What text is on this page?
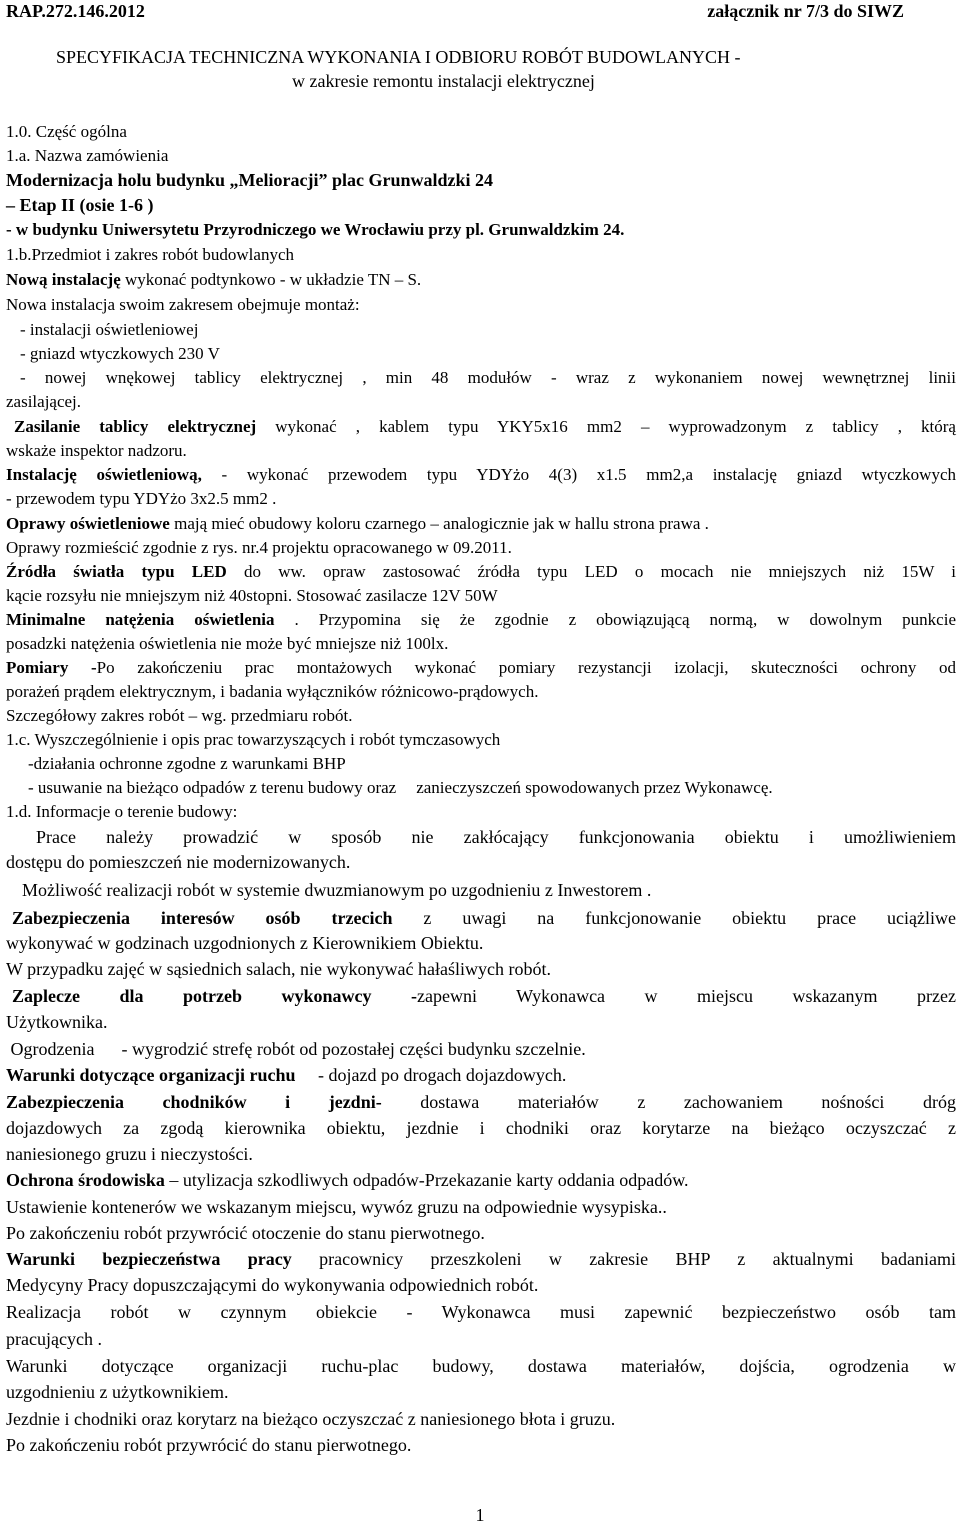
RAP.272.146.2012	załącznik nr 7/3 do SIWZ
SPECYFIKACJA TECHNICZNA WYKONANIA I ODBIORU ROBÓT BUDOWLANYCH -
w zakresie remontu instalacji elektrycznej
1.0. Część ogólna
1.a. Nazwa zamówienia
Modernizacja holu budynku „Melioracji” plac Grunwaldzki 24
– Etap II (osie 1-6 )
- w budynku Uniwersytetu Przyrodniczego we Wrocławiu przy pl. Grunwaldzkim 24.
1.b.Przedmiot i zakres robót budowlanych
Nową instalację wykonać podtynkowo - w układzie TN – S.
Nowa instalacja swoim zakresem obejmuje montaż:
- instalacji oświetleniowej
- gniazd wtyczkowych 230 V
- nowej wnękowej tablicy elektrycznej , min 48 modułów - wraz z wykonaniem nowej wewnętrznej linii
zasilającej.
Zasilanie tablicy elektrycznej wykonać , kablem typu YKY5x16 mm2 – wyprowadzonym z tablicy , którą
wskaże inspektor nadzoru.
Instalację oświetleniową, - wykonać przewodem typu YDYżo 4(3) x1.5 mm2,a instalację gniazd wtyczkowych
- przewodem typu YDYżo 3x2.5 mm2 .
Oprawy oświetleniowe mają mieć obudowy koloru czarnego – analogicznie jak w hallu strona prawa .
Oprawy rozmieścić zgodnie z rys. nr.4 projektu opracowanego w 09.2011.
Źródła światła typu LED do ww. opraw zastosować źródła typu LED o mocach nie mniejszych niż 15W i
kącie rozsyłu nie mniejszym niż 40stopni. Stosować zasilacze 12V 50W
Minimalne natężenia oświetlenia . Przypomina się że zgodnie z obowiązującą normą, w dowolnym punkcie
posadzki natężenia oświetlenia nie może być mniejsze niż 100lx.
Pomiary -Po zakończeniu prac montażowych wykonać pomiary rezystancji izolacji, skuteczności ochrony od
porażeń prądem elektrycznym, i badania wyłączników różnicowo-prądowych.
Szczegółowy zakres robót – wg. przedmiaru robót.
1.c. Wyszczególnienie i opis prac towarzyszących i robót tymczasowych
-działania ochronne zgodne z warunkami BHP
- usuwanie na bieżąco odpadów z terenu budowy oraz zanieczyszczeń spowodowanych przez Wykonawcę.
1.d. Informacje o terenie budowy:
Prace należy prowadzić w sposób nie zakłócający funkcjonowania obiektu i umożliwieniem
dostępu do pomieszczeń nie modernizowanych.
Możliwość realizacji robót w systemie dwuzmianowym po uzgodnieniu z Inwestorem .
Zabezpieczenia interesów osób trzecich z uwagi na funkcjonowanie obiektu prace uciążliwe
wykonywać w godzinach uzgodnionych z Kierownikiem Obiektu.
W przypadku zajęć w sąsiednich salach, nie wykonywać hałaśliwych robót.
Zaplecze dla potrzeb wykonawcy -zapewni Wykonawca w miejscu wskazanym przez
Użytkownika.
Ogrodzenia      - wygrodzić strefę robót od pozostałej części budynku szczelnie.
Warunki dotyczące organizacji ruchu     - dojazd po drogach dojazdowych.
Zabezpieczenia chodników i jezdni- dostawa materiałów z zachowaniem nośności dróg
dojazdowych za zgodą kierownika obiektu, jezdnie i chodniki oraz korytarze na bieżąco oczyszczać z
naniesionego gruzu i nieczystości.
Ochrona środowiska – utylizacja szkodliwych odpadów-Przekazanie karty oddania odpadów.
Ustawienie kontenerów we wskazanym miejscu, wywóz gruzu na odpowiednie wysypiska..
Po zakończeniu robót przywrócić otoczenie do stanu pierwotnego.
Warunki bezpieczeństwa pracy pracownicy przeszkoleni w zakresie BHP z aktualnymi badaniami
Medycyny Pracy dopuszczającymi do wykonywania odpowiednich robót.
Realizacja robót w czynnym obiekcie - Wykonawca musi zapewnić bezpieczeństwo osób tam
pracujących .
Warunki dotyczące organizacji ruchu-plac budowy, dostawa materiałów, dojścia, ogrodzenia w
uzgodnieniu z użytkownikiem.
Jezdnie i chodniki oraz korytarz na bieżąco oczyszczać z naniesionego błota i gruzu.
Po zakończeniu robót przywrócić do stanu pierwotnego.
1
